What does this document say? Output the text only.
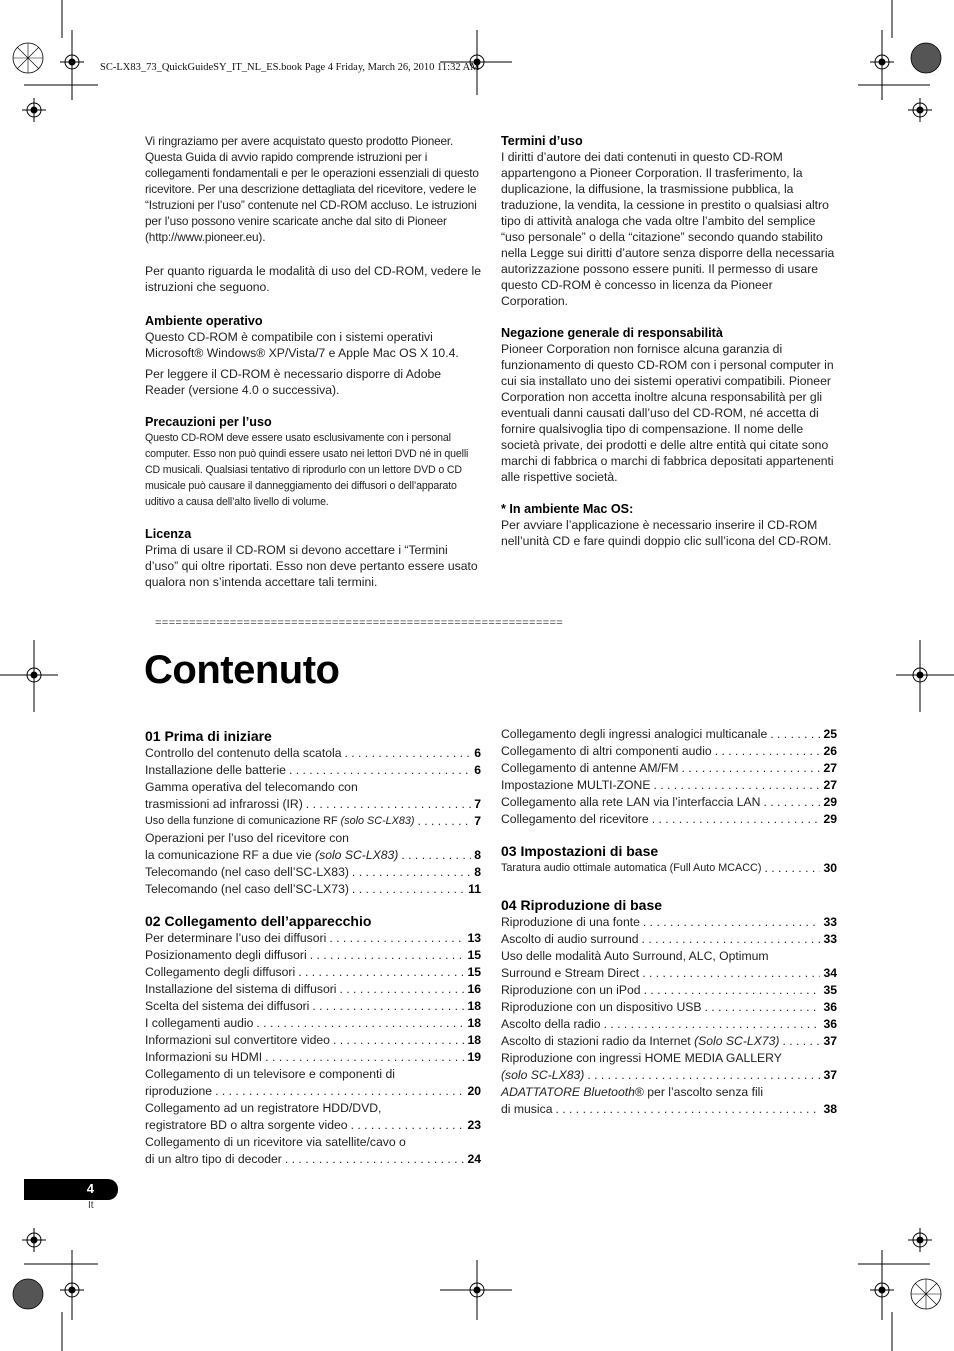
SC-LX83_73_QuickGuideSY_IT_NL_ES.book Page 4 Friday, March 26, 2010 11:32 AM

Vi ringraziamo per avere acquistato questo prodotto Pioneer. Questa Guida di avvio rapido comprende istruzioni per i collegamenti fondamentali e per le operazioni essenziali di questo ricevitore. Per una descrizione dettagliata del ricevitore, vedere le “Istruzioni per l’uso” contenute nel CD-ROM accluso. Le istruzioni per l’uso possono venire scaricate anche dal sito di Pioneer (http://www.pioneer.eu).

Per quanto riguarda le modalità di uso del CD-ROM, vedere le istruzioni che seguono.

Ambiente operativo

Questo CD-ROM è compatibile con i sistemi operativi Microsoft® Windows® XP/Vista/7 e Apple Mac OS X 10.4.

Per leggere il CD-ROM è necessario disporre di Adobe Reader (versione 4.0 o successiva).

Precauzioni per l’uso

Questo CD-ROM deve essere usato esclusivamente con i personal computer. Esso non può quindi essere usato nei lettori DVD né in quelli CD musicali. Qualsiasi tentativo di riprodurlo con un lettore DVD o CD musicale può causare il danneggiamento dei diffusori o dell’apparato uditivo a causa dell’alto livello di volume.

Licenza

Prima di usare il CD-ROM si devono accettare i “Termini d’uso” qui oltre riportati. Esso non deve pertanto essere usato qualora non s’intenda accettare tali termini.

Termini d’uso

I diritti d’autore dei dati contenuti in questo CD-ROM appartengono a Pioneer Corporation. Il trasferimento, la duplicazione, la diffusione, la trasmissione pubblica, la traduzione, la vendita, la cessione in prestito o qualsiasi altro tipo di attività analoga che vada oltre l’ambito del semplice “uso personale” o della “citazione” secondo quando stabilito nella Legge sui diritti d’autore senza disporre della necessaria autorizzazione possono essere puniti. Il permesso di usare questo CD-ROM è concesso in licenza da Pioneer Corporation.

Negazione generale di responsabilità

Pioneer Corporation non fornisce alcuna garanzia di funzionamento di questo CD-ROM con i personal computer in cui sia installato uno dei sistemi operativi compatibili. Pioneer Corporation non accetta inoltre alcuna responsabilità per gli eventuali danni causati dall’uso del CD-ROM, né accetta di fornire qualsivoglia tipo di compensazione. Il nome delle società private, dei prodotti e delle altre entità qui citate sono marchi di fabbrica o marchi di fabbrica depositati appartenenti alle rispettive società.

* In ambiente Mac OS:

Per avviare l’applicazione è necessario inserire il CD-ROM nell’unità CD e fare quindi doppio clic sull’icona del CD-ROM.

============================================================
Contenuto

01 Prima di iniziare

Controllo del contenuto della scatola . . .	6
Installazione delle batterie . . .	6
Gamma operativa del telecomando con
trasmissioni ad infrarossi (IR) . . .	7
Uso della funzione di comunicazione RF (solo SC-LX83) . . .	7
Operazioni per l’uso del ricevitore con
la comunicazione RF a due vie (solo SC-LX83) . . .	8
Telecomando (nel caso dell’SC-LX83) . . .	8
Telecomando (nel caso dell’SC-LX73) . . .	11

02 Collegamento dell’apparecchio

Per determinare l’uso dei diffusori . . .	13
Posizionamento degli diffusori . . .	15
Collegamento degli diffusori . . .	15
Installazione del sistema di diffusori . . .	16
Scelta del sistema dei diffusori . . .	18
I collegamenti audio . . .	18
Informazioni sul convertitore video . . .	18
Informazioni su HDMI . . .	19
Collegamento di un televisore e componenti di
riproduzione . . .	20
Collegamento ad un registratore HDD/DVD,
registratore BD o altra sorgente video . . .	23
Collegamento di un ricevitore via satellite/cavo o
di un altro tipo di decoder . . .	24
Collegamento degli ingressi analogici multicanale . . .	25
Collegamento di altri componenti audio . . .	26
Collegamento di antenne AM/FM . . .	27
Impostazione MULTI-ZONE . . .	27
Collegamento alla rete LAN via l’interfaccia LAN . . .	29
Collegamento del ricevitore . . .	29

03 Impostazioni di base

Taratura audio ottimale automatica (Full Auto MCACC) . . .	30

04 Riproduzione di base

Riproduzione di una fonte . . .	33
Ascolto di audio surround . . .	33
Uso delle modalità Auto Surround, ALC, Optimum
Surround e Stream Direct . . .	34
Riproduzione con un iPod . . .	35
Riproduzione con un dispositivo USB . . .	36
Ascolto della radio . . .	36
Ascolto di stazioni radio da Internet (Solo SC-LX73) . . .	37
Riproduzione con ingressi HOME MEDIA GALLERY
(solo SC-LX83) . . .	37
ADATTATORE Bluetooth® per l’ascolto senza fili
di musica . . .	38
4
It
